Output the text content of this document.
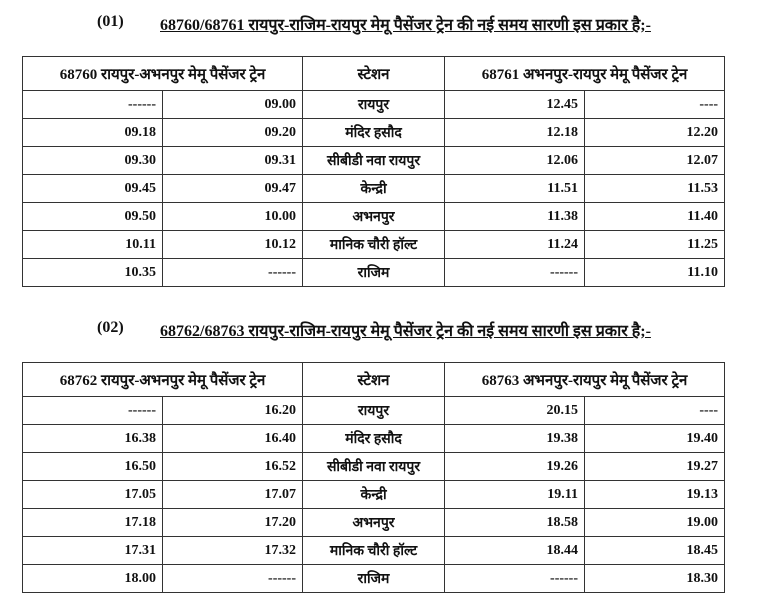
(01) 68760/68761 रायपुर-राजिम-रायपुर मेमू पैसेंजर ट्रेन की नई समय सारणी इस प्रकार है;-
68760 रायपुर-अभनपुर मेमू पैसेंजर ट्रेन		स्टेशन	68761 अभनपुर-रायपुर मेमू पैसेंजर ट्रेन	
------	09.00	रायपुर	12.45	----
09.18	09.20	मंदिर हसौद	12.18	12.20
09.30	09.31	सीबीडी नवा रायपुर	12.06	12.07
09.45	09.47	केन्द्री	11.51	11.53
09.50	10.00	अभनपुर	11.38	11.40
10.11	10.12	मानिक चौरी हॉल्ट	11.24	11.25
10.35	------	राजिम	------	11.10
(02) 68762/68763 रायपुर-राजिम-रायपुर मेमू पैसेंजर ट्रेन की नई समय सारणी इस प्रकार है;-
68762 रायपुर-अभनपुर मेमू पैसेंजर ट्रेन		स्टेशन	68763 अभनपुर-रायपुर मेमू पैसेंजर ट्रेन	
------	16.20	रायपुर	20.15	----
16.38	16.40	मंदिर हसौद	19.38	19.40
16.50	16.52	सीबीडी नवा रायपुर	19.26	19.27
17.05	17.07	केन्द्री	19.11	19.13
17.18	17.20	अभनपुर	18.58	19.00
17.31	17.32	मानिक चौरी हॉल्ट	18.44	18.45
18.00	------	राजिम	------	18.30
